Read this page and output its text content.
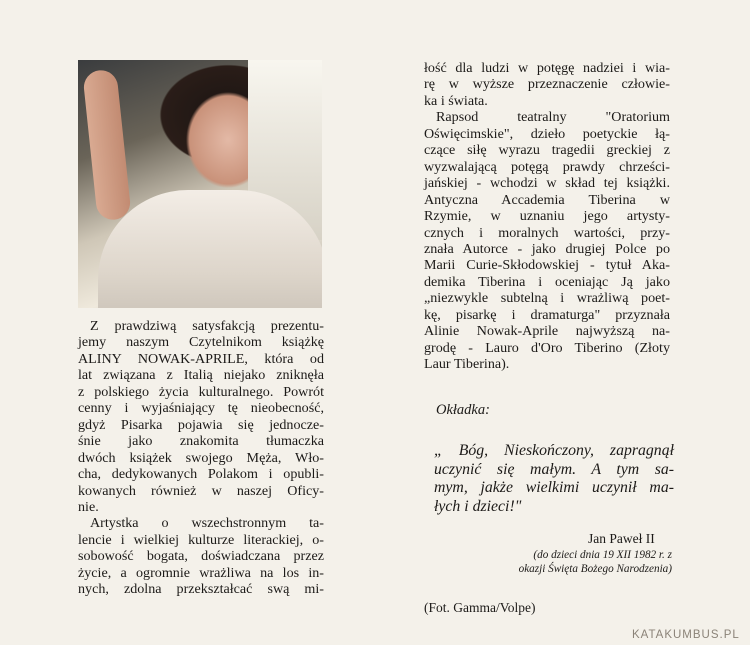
Z prawdziwą satysfakcją prezentu-
jemy naszym Czytelnikom książkę
ALINY NOWAK-APRILE, która od
lat związana z Italią niejako zniknęła
z polskiego życia kulturalnego. Powrót
cenny i wyjaśniający tę nieobecność,
gdyż Pisarka pojawia się jednocze-
śnie jako znakomita tłumaczka
dwóch książek swojego Męża, Wło-
cha, dedykowanych Polakom i opubli-
kowanych również w naszej Oficy-
nie.
Artystka o wszechstronnym ta-
lencie i wielkiej kulturze literackiej, o-
sobowość bogata, doświadczana przez
życie, a ogromnie wrażliwa na los in-
nych, zdolna przekształcać swą mi-
łość dla ludzi w potęgę nadziei i wia-
rę w wyższe przeznaczenie człowie-
ka i świata.
Rapsod teatralny "Oratorium
Oświęcimskie", dzieło poetyckie łą-
czące siłę wyrazu tragedii greckiej z
wyzwalającą potęgą prawdy chrześci-
jańskiej - wchodzi w skład tej książki.
Antyczna Accademia Tiberina w
Rzymie, w uznaniu jego artysty-
cznych i moralnych wartości, przy-
znała Autorce - jako drugiej Polce po
Marii Curie-Skłodowskiej - tytuł Aka-
demika Tiberina i oceniając Ją jako
„niezwykle subtelną i wrażliwą poet-
kę, pisarkę i dramaturga" przyznała
Alinie Nowak-Aprile najwyższą na-
grodę - Lauro d'Oro Tiberino (Złoty
Laur Tiberina).
Okładka:
„ Bóg, Nieskończony, zapragnął
uczynić się małym. A tym sa-
mym, jakże wielkimi uczynił ma-
łych i dzieci!"
Jan Paweł II
(do dzieci dnia 19 XII 1982 r. z
okazji Święta Bożego Narodzenia)
(Fot. Gamma/Volpe)
KATAKUMBUS.PL
